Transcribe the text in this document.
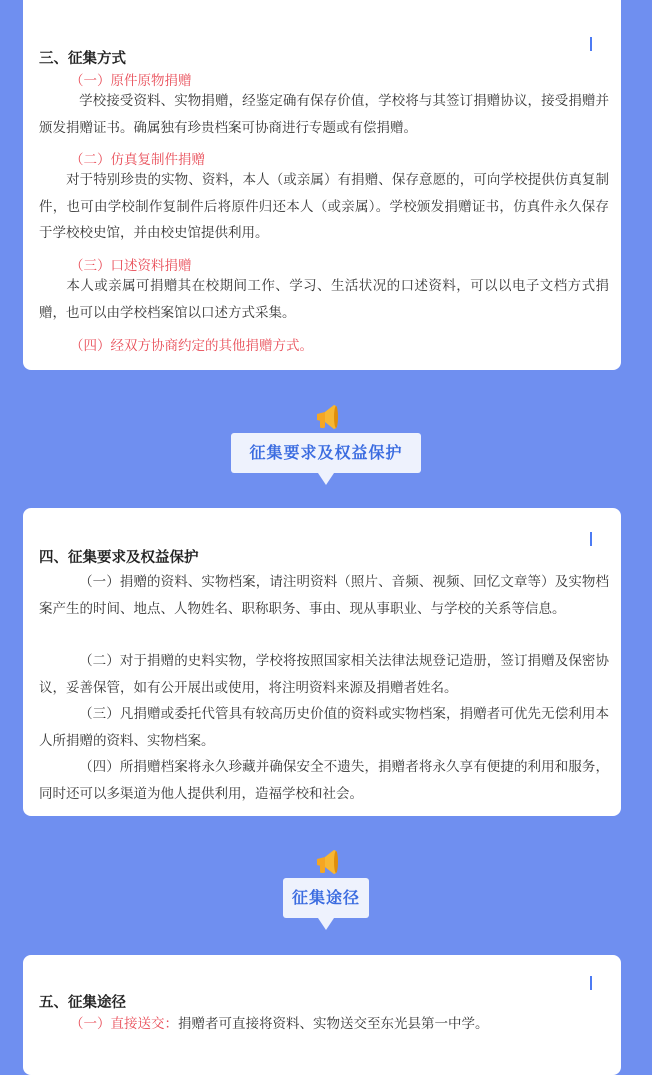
三、征集方式
（一）原件原物捐赠
学校接受资料、实物捐赠，经鉴定确有保存价值，学校将与其签订捐赠协议，接受捐赠并颁发捐赠证书。确属独有珍贵档案可协商进行专题或有偿捐赠。
（二）仿真复制件捐赠
对于特别珍贵的实物、资料，本人（或亲属）有捐赠、保存意愿的，可向学校提供仿真复制件，也可由学校制作复制件后将原件归还本人（或亲属）。学校颁发捐赠证书，仿真件永久保存于学校校史馆，并由校史馆提供利用。
（三）口述资料捐赠
本人或亲属可捐赠其在校期间工作、学习、生活状况的口述资料，可以以电子文档方式捐赠，也可以由学校档案馆以口述方式采集。
（四）经双方协商约定的其他捐赠方式。
征集要求及权益保护
四、征集要求及权益保护
（一）捐赠的资料、实物档案，请注明资料（照片、音频、视频、回忆文章等）及实物档案产生的时间、地点、人物姓名、职称职务、事由、现从事职业、与学校的关系等信息。
（二）对于捐赠的史料实物，学校将按照国家相关法律法规登记造册，签订捐赠及保密协议，妥善保管，如有公开展出或使用，将注明资料来源及捐赠者姓名。
（三）凡捐赠或委托代管具有较高历史价值的资料或实物档案，捐赠者可优先无偿利用本人所捐赠的资料、实物档案。
（四）所捐赠档案将永久珍藏并确保安全不遗失，捐赠者将永久享有便捷的利用和服务，同时还可以多渠道为他人提供利用，造福学校和社会。
征集途径
五、征集途径
（一）直接送交：捐赠者可直接将资料、实物送交至东光县第一中学。
